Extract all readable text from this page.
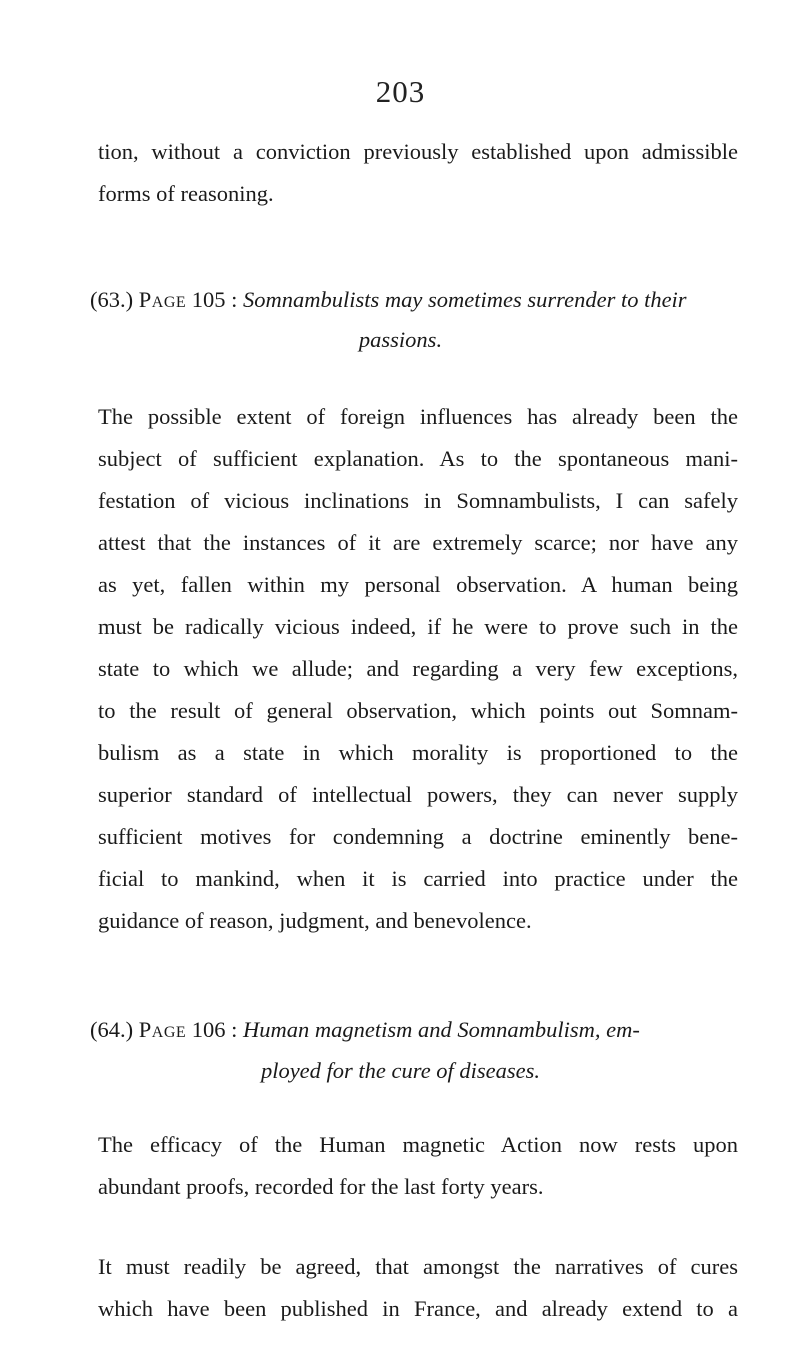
203
tion, without a conviction previously established upon admissible
forms of reasoning.
(63.) Page 105 : Somnambulists may sometimes surrender to their
passions.
The possible extent of foreign influences has already been the
subject of sufficient explanation. As to the spontaneous mani-
festation of vicious inclinations in Somnambulists, I can safely
attest that the instances of it are extremely scarce; nor have any
as yet, fallen within my personal observation. A human being
must be radically vicious indeed, if he were to prove such in the
state to which we allude; and regarding a very few exceptions,
to the result of general observation, which points out Somnam-
bulism as a state in which morality is proportioned to the
superior standard of intellectual powers, they can never supply
sufficient motives for condemning a doctrine eminently bene-
ficial to mankind, when it is carried into practice under the
guidance of reason, judgment, and benevolence.
(64.) Page 106 : Human magnetism and Somnambulism, em-
ployed for the cure of diseases.
The efficacy of the Human magnetic Action now rests upon
abundant proofs, recorded for the last forty years.
It must readily be agreed, that amongst the narratives of cures
which have been published in France, and already extend to a
